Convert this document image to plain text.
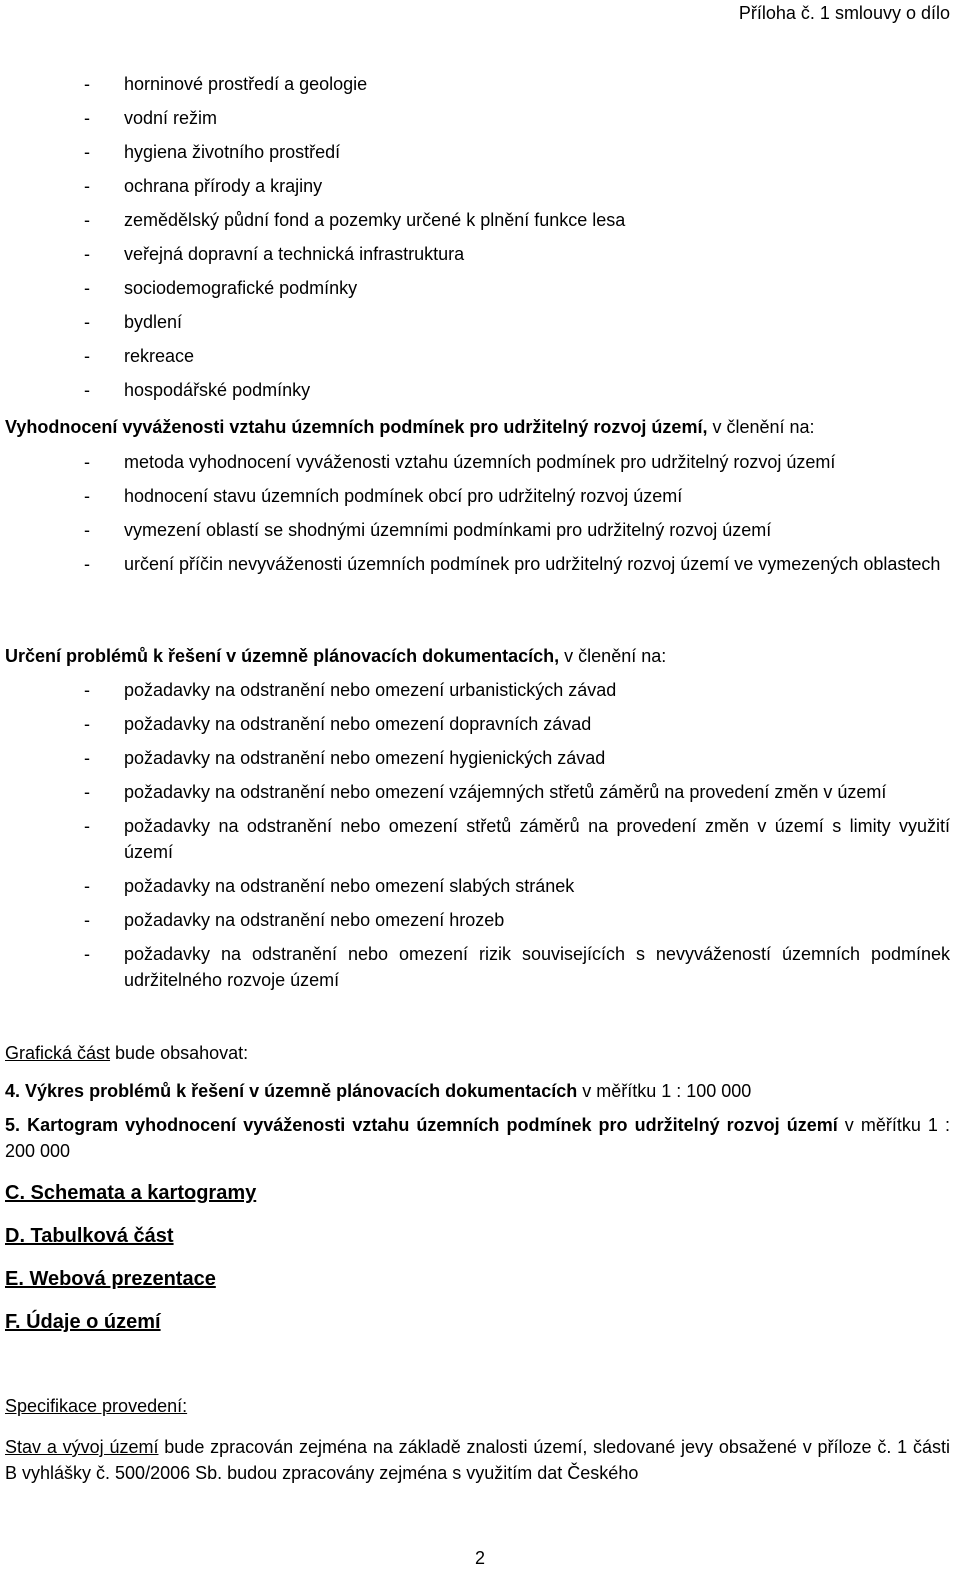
Příloha č. 1 smlouvy o dílo
- horninové prostředí a geologie
- vodní režim
- hygiena životního prostředí
- ochrana přírody a krajiny
- zemědělský půdní fond a pozemky určené k plnění funkce lesa
- veřejná dopravní a technická infrastruktura
- sociodemografické podmínky
- bydlení
- rekreace
- hospodářské podmínky
Vyhodnocení vyváženosti vztahu územních podmínek pro udržitelný rozvoj území, v členění na:
- metoda vyhodnocení vyváženosti vztahu územních podmínek pro udržitelný rozvoj území
- hodnocení stavu územních podmínek obcí pro udržitelný rozvoj území
- vymezení oblastí se shodnými územními podmínkami pro udržitelný rozvoj území
- určení příčin nevyváženosti územních podmínek pro udržitelný rozvoj území ve vymezených oblastech
Určení problémů k řešení v územně plánovacích dokumentacích, v členění na:
- požadavky na odstranění nebo omezení urbanistických závad
- požadavky na odstranění nebo omezení dopravních závad
- požadavky na odstranění nebo omezení hygienických závad
- požadavky na odstranění nebo omezení vzájemných střetů záměrů na provedení změn v území
- požadavky na odstranění nebo omezení střetů záměrů na provedení změn v území s limity využití území
- požadavky na odstranění nebo omezení slabých stránek
- požadavky na odstranění nebo omezení hrozeb
- požadavky na odstranění nebo omezení rizik souvisejících s nevyvážeností územních podmínek udržitelného rozvoje území
Grafická část bude obsahovat:
4. Výkres problémů k řešení v územně plánovacích dokumentacích v měřítku 1 : 100 000
5. Kartogram vyhodnocení vyváženosti vztahu územních podmínek pro udržitelný rozvoj území v měřítku 1 : 200 000
C. Schemata a kartogramy
D. Tabulková část
E. Webová prezentace
F. Údaje o území
Specifikace provedení:
Stav a vývoj území bude zpracován zejména na základě znalosti území, sledované jevy obsažené v příloze č. 1 části B vyhlášky č. 500/2006 Sb. budou zpracovány zejména s využitím dat Českého
2
